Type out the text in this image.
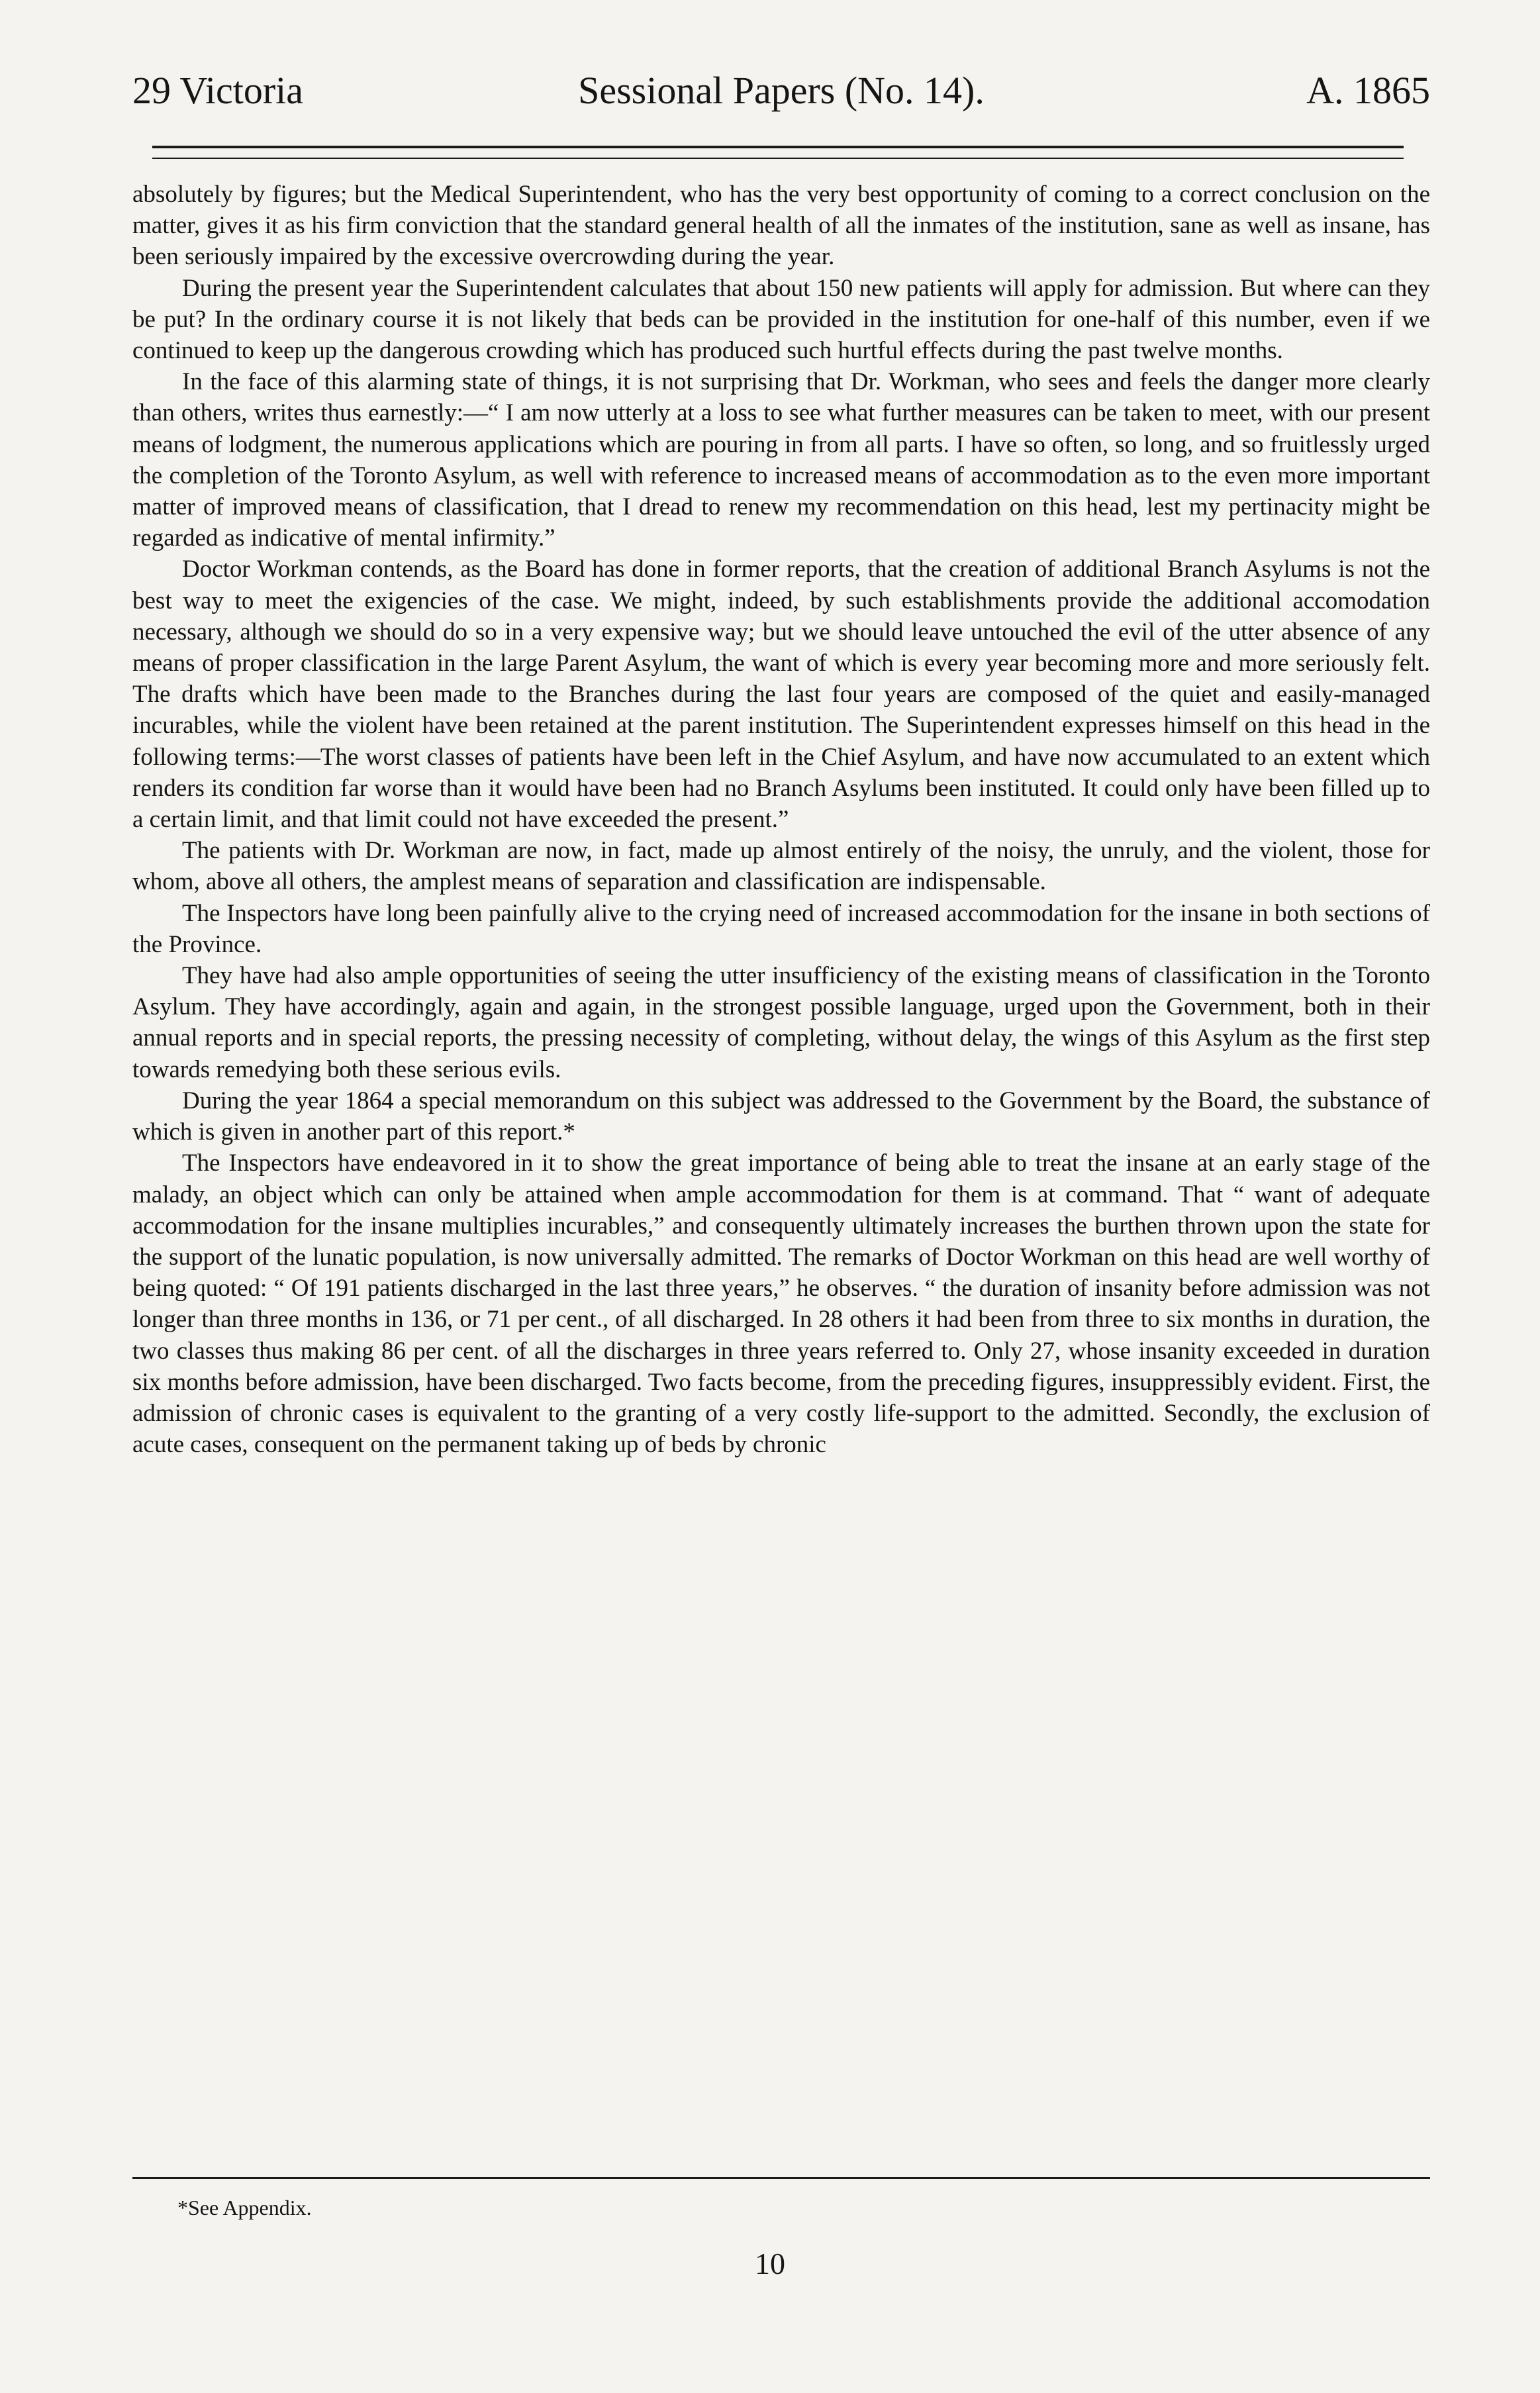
29 Victoria	Sessional Papers (No. 14).	A. 1865

absolutely by figures; but the Medical Superintendent, who has the very best opportunity of coming to a correct conclusion on the matter, gives it as his firm conviction that the standard general health of all the inmates of the institution, sane as well as insane, has been seriously impaired by the excessive overcrowding during the year.

During the present year the Superintendent calculates that about 150 new patients will apply for admission. But where can they be put? In the ordinary course it is not likely that beds can be provided in the institution for one-half of this number, even if we continued to keep up the dangerous crowding which has produced such hurtful effects during the past twelve months.

In the face of this alarming state of things, it is not surprising that Dr. Workman, who sees and feels the danger more clearly than others, writes thus earnestly:—“ I am now utterly at a loss to see what further measures can be taken to meet, with our present means of lodgment, the numerous applications which are pouring in from all parts. I have so often, so long, and so fruitlessly urged the completion of the Toronto Asylum, as well with reference to increased means of accommodation as to the even more important matter of improved means of classification, that I dread to renew my recommendation on this head, lest my pertinacity might be regarded as indicative of mental infirmity.”

Doctor Workman contends, as the Board has done in former reports, that the creation of additional Branch Asylums is not the best way to meet the exigencies of the case. We might, indeed, by such establishments provide the additional accomodation necessary, although we should do so in a very expensive way; but we should leave untouched the evil of the utter absence of any means of proper classification in the large Parent Asylum, the want of which is every year becoming more and more seriously felt. The drafts which have been made to the Branches during the last four years are composed of the quiet and easily-managed incurables, while the violent have been retained at the parent institution. The Superintendent expresses himself on this head in the following terms:—The worst classes of patients have been left in the Chief Asylum, and have now accumulated to an extent which renders its condition far worse than it would have been had no Branch Asylums been instituted. It could only have been filled up to a certain limit, and that limit could not have exceeded the present.”

The patients with Dr. Workman are now, in fact, made up almost entirely of the noisy, the unruly, and the violent, those for whom, above all others, the amplest means of separation and classification are indispensable.

The Inspectors have long been painfully alive to the crying need of increased accommodation for the insane in both sections of the Province.

They have had also ample opportunities of seeing the utter insufficiency of the existing means of classification in the Toronto Asylum. They have accordingly, again and again, in the strongest possible language, urged upon the Government, both in their annual reports and in special reports, the pressing necessity of completing, without delay, the wings of this Asylum as the first step towards remedying both these serious evils.

During the year 1864 a special memorandum on this subject was addressed to the Government by the Board, the substance of which is given in another part of this report.*

The Inspectors have endeavored in it to show the great importance of being able to treat the insane at an early stage of the malady, an object which can only be attained when ample accommodation for them is at command. That “ want of adequate accommodation for the insane multiplies incurables,” and consequently ultimately increases the burthen thrown upon the state for the support of the lunatic population, is now universally admitted. The remarks of Doctor Workman on this head are well worthy of being quoted: “ Of 191 patients discharged in the last three years,” he observes. “ the duration of insanity before admission was not longer than three months in 136, or 71 per cent., of all discharged. In 28 others it had been from three to six months in duration, the two classes thus making 86 per cent. of all the discharges in three years referred to. Only 27, whose insanity exceeded in duration six months before admission, have been discharged. Two facts become, from the preceding figures, insuppressibly evident. First, the admission of chronic cases is equivalent to the granting of a very costly life-support to the admitted. Secondly, the exclusion of acute cases, consequent on the permanent taking up of beds by chronic

*See Appendix.
10
